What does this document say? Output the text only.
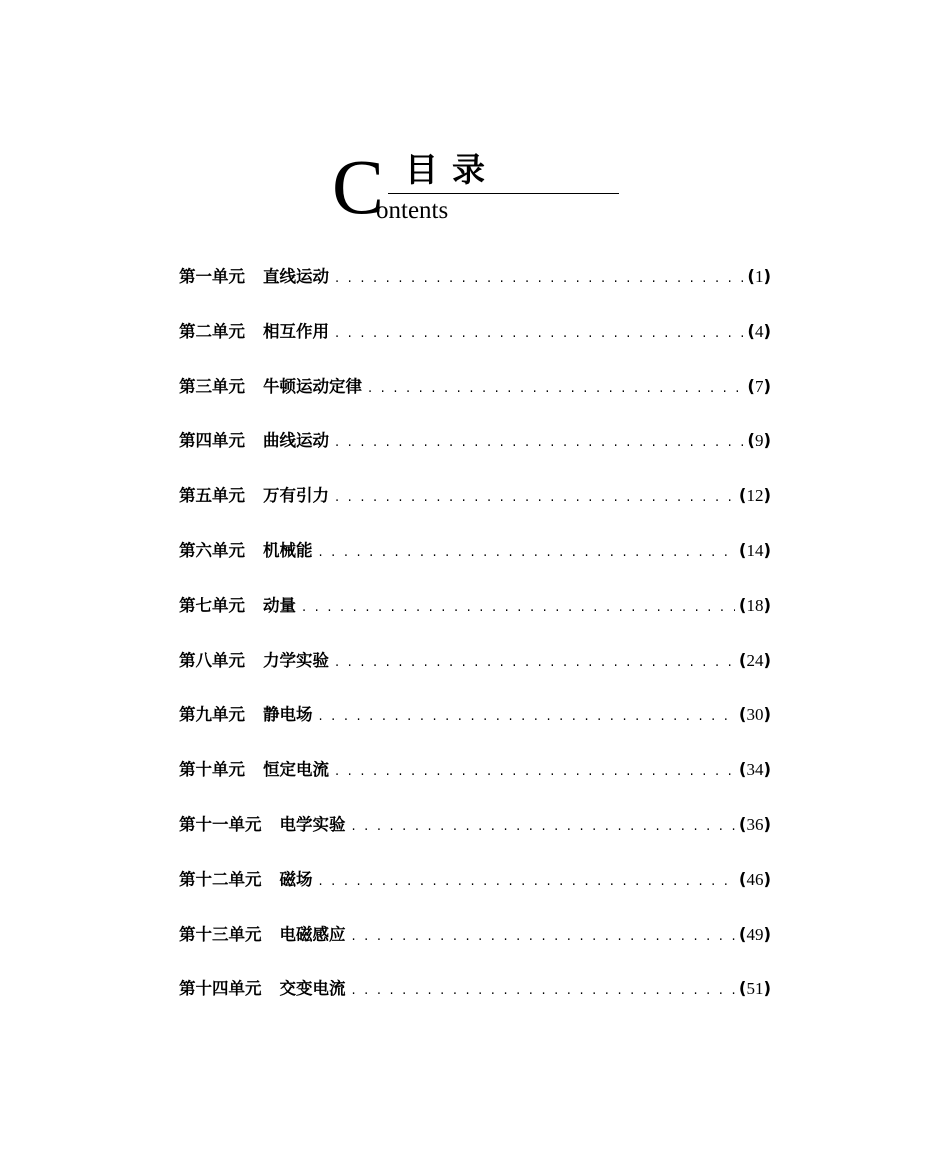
C 目录
ontents
第一单元 直线运动 . . .	(1)
第二单元 相互作用 . . .	(4)
第三单元 牛顿运动定律 . . .	(7)
第四单元 曲线运动 . . .	(9)
第五单元 万有引力 . . .	(12)
第六单元 机械能 . . .	(14)
第七单元 动量 . . .	(18)
第八单元 力学实验 . . .	(24)
第九单元 静电场 . . .	(30)
第十单元 恒定电流 . . .	(34)
第十一单元 电学实验 . . .	(36)
第十二单元 磁场 . . .	(46)
第十三单元 电磁感应 . . .	(49)
第十四单元 交变电流 . . .	(51)
